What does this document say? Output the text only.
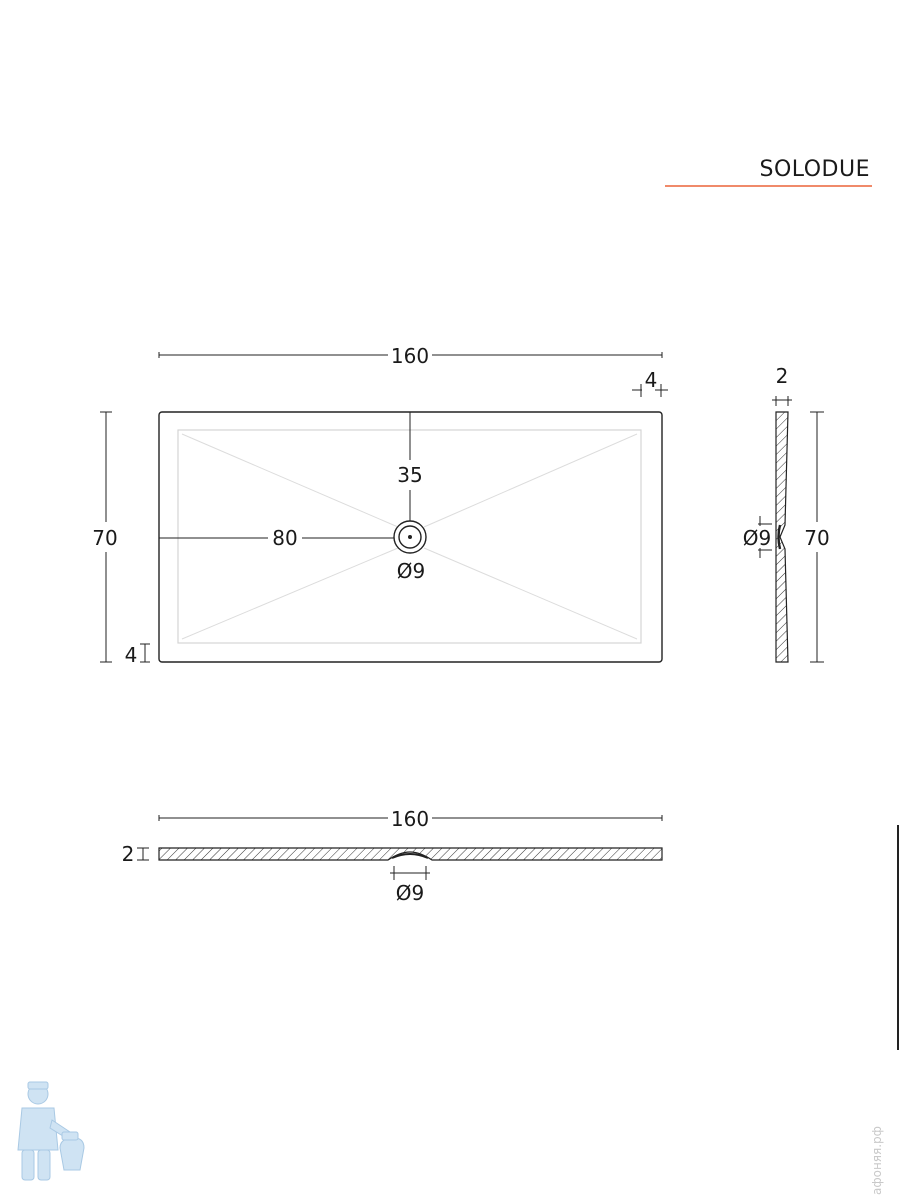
SOLODUE
160
4
70	80
35
Ø9
4
2
Ø9 70
160
2
Ø9
афоняя.рф
